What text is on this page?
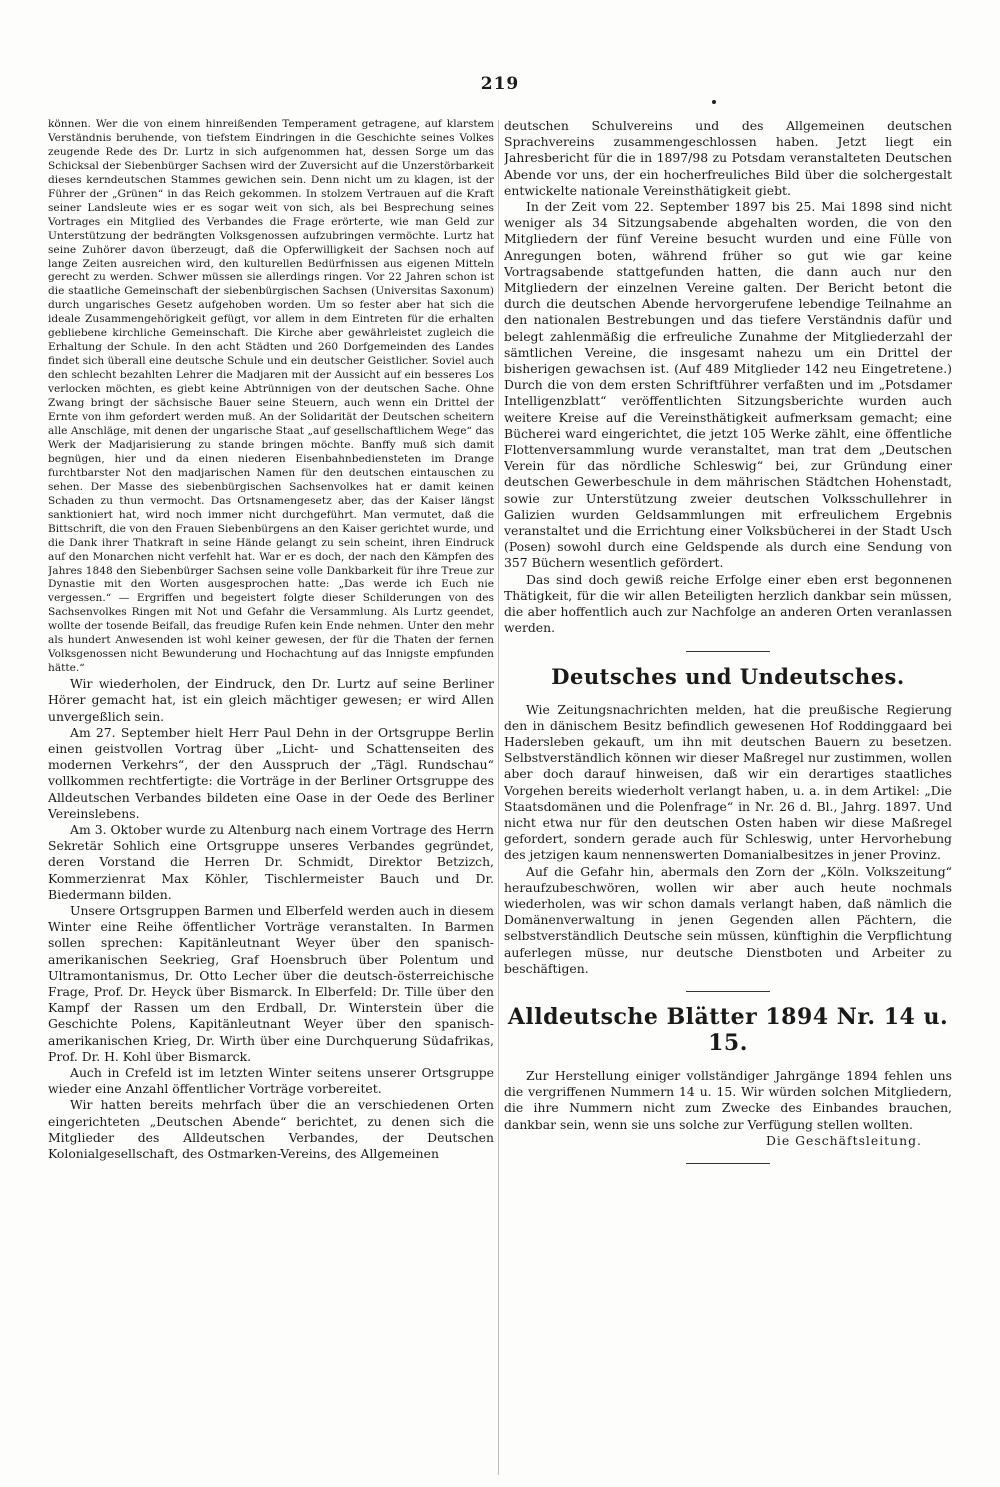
219

können. Wer die von einem hinreißenden Temperament getragene, auf klarstem Verständnis beruhende, von tiefstem Eindringen in die Geschichte seines Volkes zeugende Rede des Dr. Lurtz in sich aufgenommen hat, dessen Sorge um das Schicksal der Siebenbürger Sachsen wird der Zuversicht auf die Unzerstörbarkeit dieses kerndeutschen Stammes gewichen sein. Denn nicht um zu klagen, ist der Führer der „Grünen“ in das Reich gekommen. In stolzem Vertrauen auf die Kraft seiner Landsleute wies er es sogar weit von sich, als bei Besprechung seines Vortrages ein Mitglied des Verbandes die Frage erörterte, wie man Geld zur Unterstützung der bedrängten Volksgenossen aufzubringen vermöchte. Lurtz hat seine Zuhörer davon überzeugt, daß die Opferwilligkeit der Sachsen noch auf lange Zeiten ausreichen wird, den kulturellen Bedürfnissen aus eigenen Mitteln gerecht zu werden. Schwer müssen sie allerdings ringen. Vor 22 Jahren schon ist die staatliche Gemeinschaft der siebenbürgischen Sachsen (Universitas Saxonum) durch ungarisches Gesetz aufgehoben worden. Um so fester aber hat sich die ideale Zusammengehörigkeit gefügt, vor allem in dem Eintreten für die erhalten gebliebene kirchliche Gemeinschaft. Die Kirche aber gewährleistet zugleich die Erhaltung der Schule. In den acht Städten und 260 Dorfgemeinden des Landes findet sich überall eine deutsche Schule und ein deutscher Geistlicher. Soviel auch den schlecht bezahlten Lehrer die Madjaren mit der Aussicht auf ein besseres Los verlocken möchten, es giebt keine Abtrünnigen von der deutschen Sache. Ohne Zwang bringt der sächsische Bauer seine Steuern, auch wenn ein Drittel der Ernte von ihm gefordert werden muß. An der Solidarität der Deutschen scheitern alle Anschläge, mit denen der ungarische Staat „auf gesellschaftlichem Wege“ das Werk der Madjarisierung zu stande bringen möchte. Banffy muß sich damit begnügen, hier und da einen niederen Eisenbahnbediensteten im Drange furchtbarster Not den madjarischen Namen für den deutschen eintauschen zu sehen. Der Masse des siebenbürgischen Sachsenvolkes hat er damit keinen Schaden zu thun vermocht. Das Ortsnamengesetz aber, das der Kaiser längst sanktioniert hat, wird noch immer nicht durchgeführt. Man vermutet, daß die Bittschrift, die von den Frauen Siebenbürgens an den Kaiser gerichtet wurde, und die Dank ihrer Thatkraft in seine Hände gelangt zu sein scheint, ihren Eindruck auf den Monarchen nicht verfehlt hat. War er es doch, der nach den Kämpfen des Jahres 1848 den Siebenbürger Sachsen seine volle Dankbarkeit für ihre Treue zur Dynastie mit den Worten ausgesprochen hatte: „Das werde ich Euch nie vergessen.“ — Ergriffen und begeistert folgte dieser Schilderungen von des Sachsenvolkes Ringen mit Not und Gefahr die Versammlung. Als Lurtz geendet, wollte der tosende Beifall, das freudige Rufen kein Ende nehmen. Unter den mehr als hundert Anwesenden ist wohl keiner gewesen, der für die Thaten der fernen Volksgenossen nicht Bewunderung und Hochachtung auf das Innigste empfunden hätte.“

Wir wiederholen, der Eindruck, den Dr. Lurtz auf seine Berliner Hörer gemacht hat, ist ein gleich mächtiger gewesen; er wird Allen unvergeßlich sein.

Am 27. September hielt Herr Paul Dehn in der Ortsgruppe Berlin einen geistvollen Vortrag über „Licht- und Schattenseiten des modernen Verkehrs“, der den Ausspruch der „Tägl. Rundschau“ vollkommen rechtfertigte: die Vorträge in der Berliner Ortsgruppe des Alldeutschen Verbandes bildeten eine Oase in der Oede des Berliner Vereinslebens.

Am 3. Oktober wurde zu Altenburg nach einem Vortrage des Herrn Sekretär Sohlich eine Ortsgruppe unseres Verbandes gegründet, deren Vorstand die Herren Dr. Schmidt, Direktor Betzizch, Kommerzienrat Max Köhler, Tischlermeister Bauch und Dr. Biedermann bilden.

Unsere Ortsgruppen Barmen und Elberfeld werden auch in diesem Winter eine Reihe öffentlicher Vorträge veranstalten. In Barmen sollen sprechen: Kapitänleutnant Weyer über den spanisch-amerikanischen Seekrieg, Graf Hoensbruch über Polentum und Ultramontanismus, Dr. Otto Lecher über die deutsch-österreichische Frage, Prof. Dr. Heyck über Bismarck. In Elberfeld: Dr. Tille über den Kampf der Rassen um den Erdball, Dr. Winterstein über die Geschichte Polens, Kapitänleutnant Weyer über den spanisch-amerikanischen Krieg, Dr. Wirth über eine Durchquerung Südafrikas, Prof. Dr. H. Kohl über Bismarck.

Auch in Crefeld ist im letzten Winter seitens unserer Ortsgruppe wieder eine Anzahl öffentlicher Vorträge vorbereitet.

Wir hatten bereits mehrfach über die an verschiedenen Orten eingerichteten „Deutschen Abende“ berichtet, zu denen sich die Mitglieder des Alldeutschen Verbandes, der Deutschen Kolonialgesellschaft, des Ostmarken-Vereins, des Allgemeinen

deutschen Schulvereins und des Allgemeinen deutschen Sprachvereins zusammengeschlossen haben. Jetzt liegt ein Jahresbericht für die in 1897/98 zu Potsdam veranstalteten Deutschen Abende vor uns, der ein hocherfreuliches Bild über die solchergestalt entwickelte nationale Vereinsthätigkeit giebt.

In der Zeit vom 22. September 1897 bis 25. Mai 1898 sind nicht weniger als 34 Sitzungsabende abgehalten worden, die von den Mitgliedern der fünf Vereine besucht wurden und eine Fülle von Anregungen boten, während früher so gut wie gar keine Vortragsabende stattgefunden hatten, die dann auch nur den Mitgliedern der einzelnen Vereine galten. Der Bericht betont die durch die deutschen Abende hervorgerufene lebendige Teilnahme an den nationalen Bestrebungen und das tiefere Verständnis dafür und belegt zahlenmäßig die erfreuliche Zunahme der Mitgliederzahl der sämtlichen Vereine, die insgesamt nahezu um ein Drittel der bisherigen gewachsen ist. (Auf 489 Mitglieder 142 neu Eingetretene.) Durch die von dem ersten Schriftführer verfaßten und im „Potsdamer Intelligenzblatt“ veröffentlichten Sitzungsberichte wurden auch weitere Kreise auf die Vereinsthätigkeit aufmerksam gemacht; eine Bücherei ward eingerichtet, die jetzt 105 Werke zählt, eine öffentliche Flottenversammlung wurde veranstaltet, man trat dem „Deutschen Verein für das nördliche Schleswig“ bei, zur Gründung einer deutschen Gewerbeschule in dem mährischen Städtchen Hohenstadt, sowie zur Unterstützung zweier deutschen Volksschullehrer in Galizien wurden Geldsammlungen mit erfreulichem Ergebnis veranstaltet und die Errichtung einer Volksbücherei in der Stadt Usch (Posen) sowohl durch eine Geldspende als durch eine Sendung von 357 Büchern wesentlich gefördert.

Das sind doch gewiß reiche Erfolge einer eben erst begonnenen Thätigkeit, für die wir allen Beteiligten herzlich dankbar sein müssen, die aber hoffentlich auch zur Nachfolge an anderen Orten veranlassen werden.

Deutsches und Undeutsches.

Wie Zeitungsnachrichten melden, hat die preußische Regierung den in dänischem Besitz befindlich gewesenen Hof Roddinggaard bei Hadersleben gekauft, um ihn mit deutschen Bauern zu besetzen. Selbstverständlich können wir dieser Maßregel nur zustimmen, wollen aber doch darauf hinweisen, daß wir ein derartiges staatliches Vorgehen bereits wiederholt verlangt haben, u. a. in dem Artikel: „Die Staatsdomänen und die Polenfrage“ in Nr. 26 d. Bl., Jahrg. 1897. Und nicht etwa nur für den deutschen Osten haben wir diese Maßregel gefordert, sondern gerade auch für Schleswig, unter Hervorhebung des jetzigen kaum nennenswerten Domanialbesitzes in jener Provinz.

Auf die Gefahr hin, abermals den Zorn der „Köln. Volkszeitung“ heraufzubeschwören, wollen wir aber auch heute nochmals wiederholen, was wir schon damals verlangt haben, daß nämlich die Domänenverwaltung in jenen Gegenden allen Pächtern, die selbstverständlich Deutsche sein müssen, künftighin die Verpflichtung auferlegen müsse, nur deutsche Dienstboten und Arbeiter zu beschäftigen.

Alldeutsche Blätter 1894 Nr. 14 u. 15.

Zur Herstellung einiger vollständiger Jahrgänge 1894 fehlen uns die vergriffenen Nummern 14 u. 15. Wir würden solchen Mitgliedern, die ihre Nummern nicht zum Zwecke des Einbandes brauchen, dankbar sein, wenn sie uns solche zur Verfügung stellen wollten.

Die Geschäftsleitung.
